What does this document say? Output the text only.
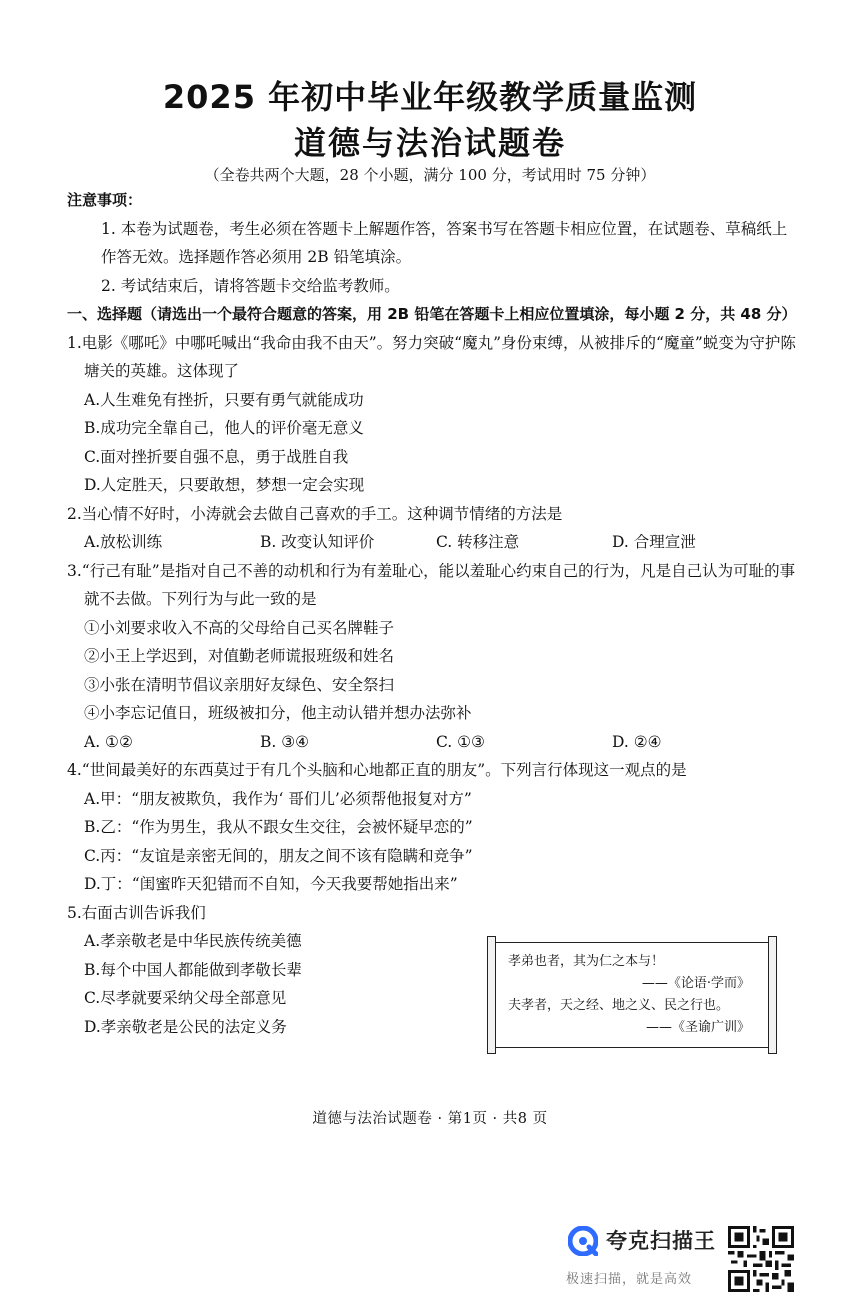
2025 年初中毕业年级教学质量监测
道德与法治试题卷
（全卷共两个大题，28 个小题，满分 100 分，考试用时 75 分钟）

注意事项：

1. 本卷为试题卷，考生必须在答题卡上解题作答，答案书写在答题卡相应位置，在试题卷、草稿纸上作答无效。选择题作答必须用 2B 铅笔填涂。

2. 考试结束后，请将答题卡交给监考教师。

一、选择题（请选出一个最符合题意的答案，用 2B 铅笔在答题卡上相应位置填涂，每小题 2 分，共 48 分）

1.电影《哪吒》中哪吒喊出“我命由我不由天”。努力突破“魔丸”身份束缚，从被排斥的“魔童”蜕变为守护陈塘关的英雄。这体现了

A.人生难免有挫折，只要有勇气就能成功

B.成功完全靠自己，他人的评价毫无意义

C.面对挫折要自强不息，勇于战胜自我

D.人定胜天，只要敢想，梦想一定会实现

2.当心情不好时，小涛就会去做自己喜欢的手工。这种调节情绪的方法是

A.放松训练	B. 改变认知评价	C. 转移注意	D. 合理宣泄

3.“行己有耻”是指对自己不善的动机和行为有羞耻心，能以羞耻心约束自己的行为，凡是自己认为可耻的事就不去做。下列行为与此一致的是

①小刘要求收入不高的父母给自己买名牌鞋子

②小王上学迟到，对值勤老师谎报班级和姓名

③小张在清明节倡议亲朋好友绿色、安全祭扫

④小李忘记值日，班级被扣分，他主动认错并想办法弥补

A. ①②	B. ③④	C. ①③	D. ②④

4.“世间最美好的东西莫过于有几个头脑和心地都正直的朋友”。下列言行体现这一观点的是

A.甲：“朋友被欺负，我作为‘ 哥们儿’必须帮他报复对方”

B.乙：“作为男生，我从不跟女生交往，会被怀疑早恋的”

C.丙：“友谊是亲密无间的，朋友之间不该有隐瞒和竞争”

D.丁：“闺蜜昨天犯错而不自知，今天我要帮她指出来”

5.右面古训告诉我们

A.孝亲敬老是中华民族传统美德

B.每个中国人都能做到孝敬长辈

C.尽孝就要采纳父母全部意见

D.孝亲敬老是公民的法定义务

孝弟也者，其为仁之本与！
——《论语·学而》
夫孝者，天之经、地之义、民之行也。
——《圣谕广训》
道德与法治试题卷 · 第1页 · 共8 页
夸克扫描王
极速扫描，就是高效
